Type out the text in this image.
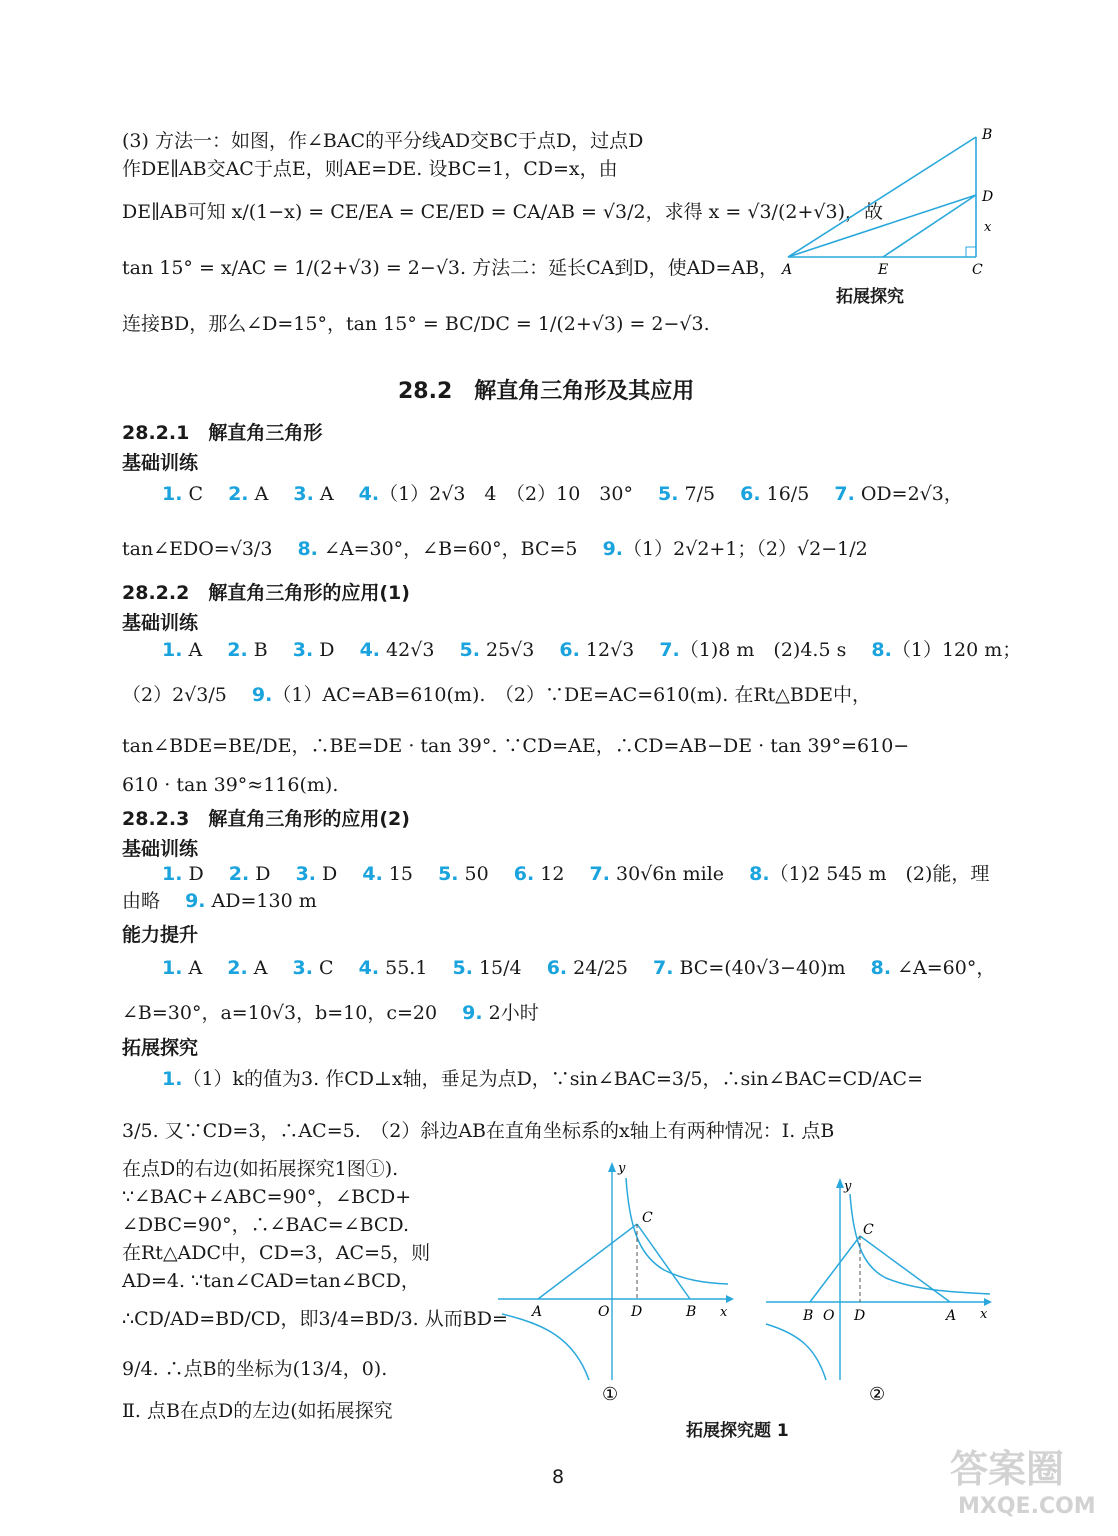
(3) 方法一：如图，作∠BAC的平分线AD交BC于点D，过点D
作DE∥AB交AC于点E，则AE=DE. 设BC=1，CD=x，由
DE∥AB可知 x/(1−x) = CE/EA = CE/ED = CA/AB = √3/2，求得 x = √3/(2+√3)，故
tan 15° = x/AC = 1/(2+√3) = 2−√3. 方法二：延长CA到D，使AD=AB，
连接BD，那么∠D=15°，tan 15° = BC/DC = 1/(2+√3) = 2−√3.
B
D
x
A	E	C
拓展探究
28.2　解直角三角形及其应用
28.2.1　解直角三角形
基础训练
1. C　 2. A　 3. A　 4.（1）2√3　4　（2）10　30°　 5. 7/5　 6. 16/5　 7. OD=2√3，
tan∠EDO=√3/3　 8. ∠A=30°，∠B=60°，BC=5　 9.（1）2√2+1；（2）√2−1/2
28.2.2　解直角三角形的应用(1)
基础训练
1. A　 2. B　 3. D　 4. 42√3　 5. 25√3　 6. 12√3　 7.（1)8 m　(2)4.5 s　 8.（1）120 m；
（2）2√3/5　 9.（1）AC=AB=610(m).　（2）∵DE=AC=610(m). 在Rt△BDE中，
tan∠BDE=BE/DE，∴BE=DE · tan 39°. ∵CD=AE，∴CD=AB−DE · tan 39°=610−
610 · tan 39°≈116(m).
28.2.3　解直角三角形的应用(2)
基础训练
1. D　 2. D　 3. D　 4. 15　 5. 50　 6. 12　 7. 30√6n mile　 8.（1)2 545 m　(2)能，理
由略　 9. AD=130 m
能力提升
1. A　 2. A　 3. C　 4. 55.1　 5. 15/4　 6. 24/25　 7. BC=(40√3−40)m　 8. ∠A=60°，
∠B=30°，a=10√3，b=10，c=20　 9. 2小时
拓展探究
1.（1）k的值为3. 作CD⊥x轴，垂足为点D，∵sin∠BAC=3/5，∴sin∠BAC=CD/AC=
3/5. 又∵CD=3，∴AC=5.　（2）斜边AB在直角坐标系的x轴上有两种情况：Ⅰ. 点B
在点D的右边(如拓展探究1图①).
∵∠BAC+∠ABC=90°，∠BCD+
∠DBC=90°，∴∠BAC=∠BCD.
在Rt△ADC中，CD=3，AC=5，则
AD=4. ∵tan∠CAD=tan∠BCD，
∴CD/AD=BD/CD，即3/4=BD/3. 从而BD=
9/4. ∴点B的坐标为(13/4，0).
Ⅱ. 点B在点D的左边(如拓展探究
y
x
C
A	O D	B
①
y
x
C
B O D	A
②
拓展探究题 1
8	答案圈
MXQE.COM
